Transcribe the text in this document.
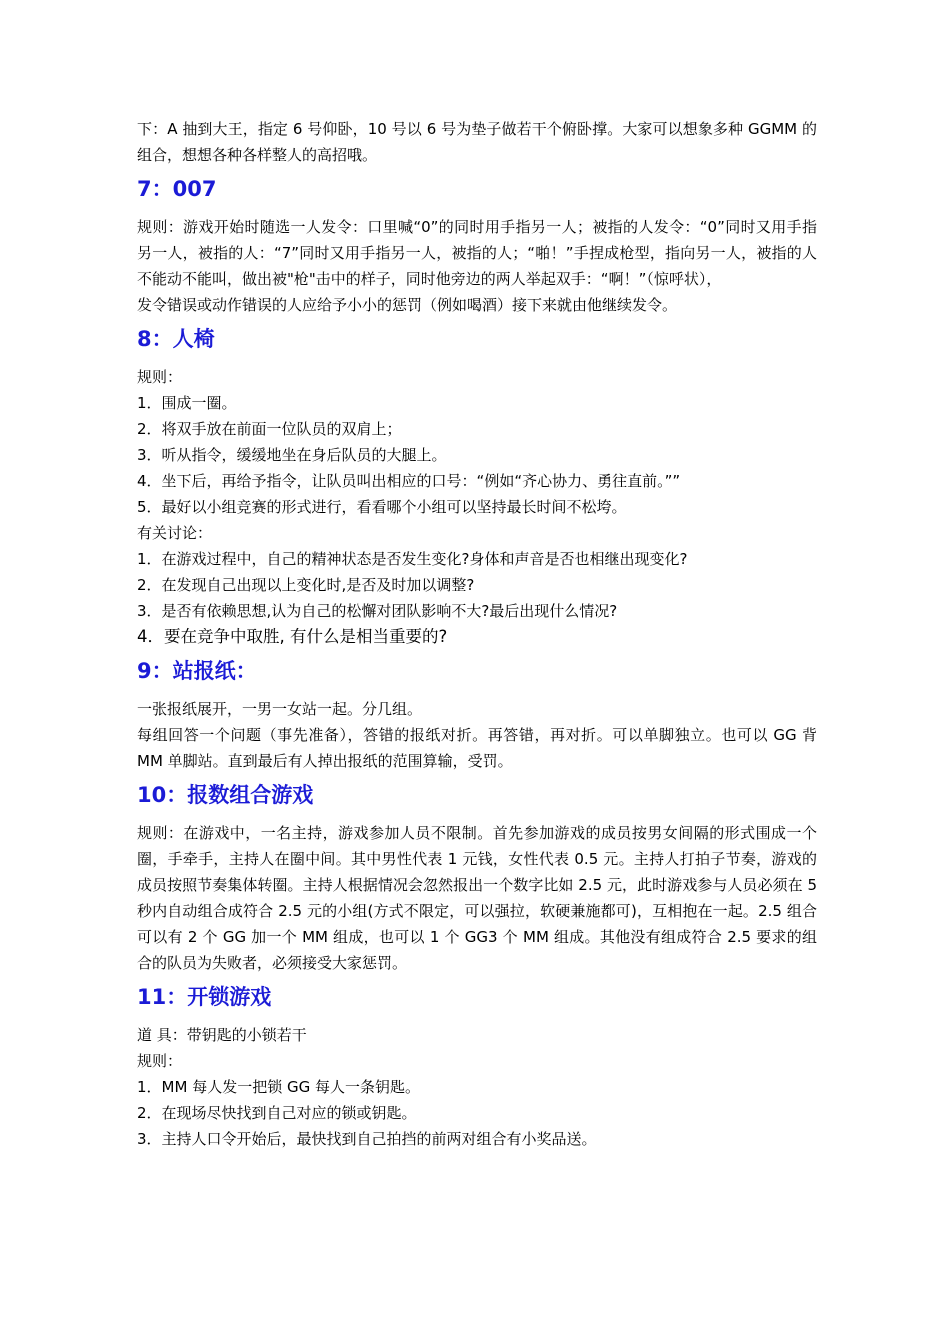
下：A 抽到大王，指定 6 号仰卧，10 号以 6 号为垫子做若干个俯卧撑。大家可以想象多种 GGMM 的组合，想想各种各样整人的高招哦。

7：007

规则：游戏开始时随选一人发令：口里喊“0”的同时用手指另一人；被指的人发令：“0”同时又用手指另一人，被指的人：“7”同时又用手指另一人，被指的人；“啪！”手捏成枪型，指向另一人，被指的人不能动不能叫，做出被"枪"击中的样子，同时他旁边的两人举起双手：“啊！”（惊呼状），

发令错误或动作错误的人应给予小小的惩罚（例如喝酒）接下来就由他继续发令。

8：人椅

规则：

1．围成一圈。
2．将双手放在前面一位队员的双肩上；
3．听从指令，缓缓地坐在身后队员的大腿上。
4．坐下后，再给予指令，让队员叫出相应的口号：“例如“齐心协力、勇往直前。””
5．最好以小组竞赛的形式进行，看看哪个小组可以坚持最长时间不松垮。

有关讨论：

1．在游戏过程中，自己的精神状态是否发生变化?身体和声音是否也相继出现变化?
2．在发现自己出现以上变化时,是否及时加以调整?
3．是否有依赖思想,认为自己的松懈对团队影响不大?最后出现什么情况?
4．要在竞争中取胜, 有什么是相当重要的?
9：站报纸：

一张报纸展开，一男一女站一起。分几组。

每组回答一个问题（事先准备），答错的报纸对折。再答错，再对折。可以单脚独立。也可以 GG 背 MM 单脚站。直到最后有人掉出报纸的范围算输，受罚。

10：报数组合游戏

规则：在游戏中，一名主持，游戏参加人员不限制。首先参加游戏的成员按男女间隔的形式围成一个圈，手牵手，主持人在圈中间。其中男性代表 1 元钱，女性代表 0.5 元。主持人打拍子节奏，游戏的成员按照节奏集体转圈。主持人根据情况会忽然报出一个数字比如 2.5 元，此时游戏参与人员必须在 5 秒内自动组合成符合 2.5 元的小组(方式不限定，可以强拉，软硬兼施都可)，互相抱在一起。2.5 组合可以有 2 个 GG 加一个 MM 组成，也可以 1 个 GG3 个 MM 组成。其他没有组成符合 2.5 要求的组合的队员为失败者，必须接受大家惩罚。

11：开锁游戏

道 具：带钥匙的小锁若干

规则：

1．MM 每人发一把锁 GG 每人一条钥匙。
2．在现场尽快找到自己对应的锁或钥匙。
3．主持人口令开始后，最快找到自己拍挡的前两对组合有小奖品送。
